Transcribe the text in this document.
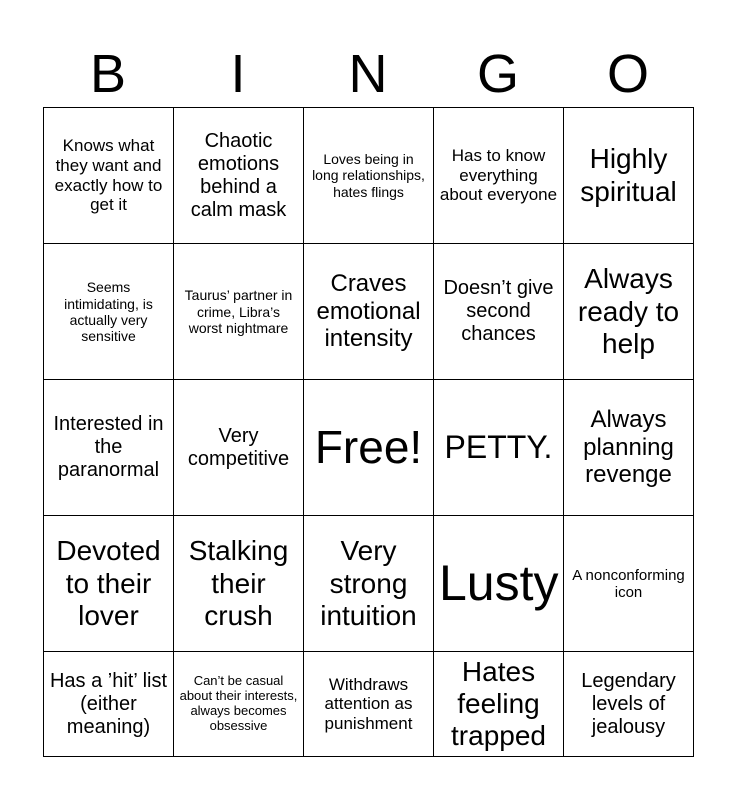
B	I	N	G	O
Knows what they want and exactly how to get it	Chaotic emotions behind a calm mask	Loves being in long relationships, hates flings	Has to know everything about everyone	Highly spiritual
Seems intimidating, is actually very sensitive	Taurus’ partner in crime, Libra’s worst nightmare	Craves emotional intensity	Doesn’t give second chances	Always ready to help
Interested in the paranormal	Very competitive	Free!	PETTY.	Always planning revenge
Devoted to their lover	Stalking their crush	Very strong intuition	Lusty	A nonconforming icon
Has a ’hit’ list (either meaning)	Can’t be casual about their interests, always becomes obsessive	Withdraws attention as punishment	Hates feeling trapped	Legendary levels of jealousy
